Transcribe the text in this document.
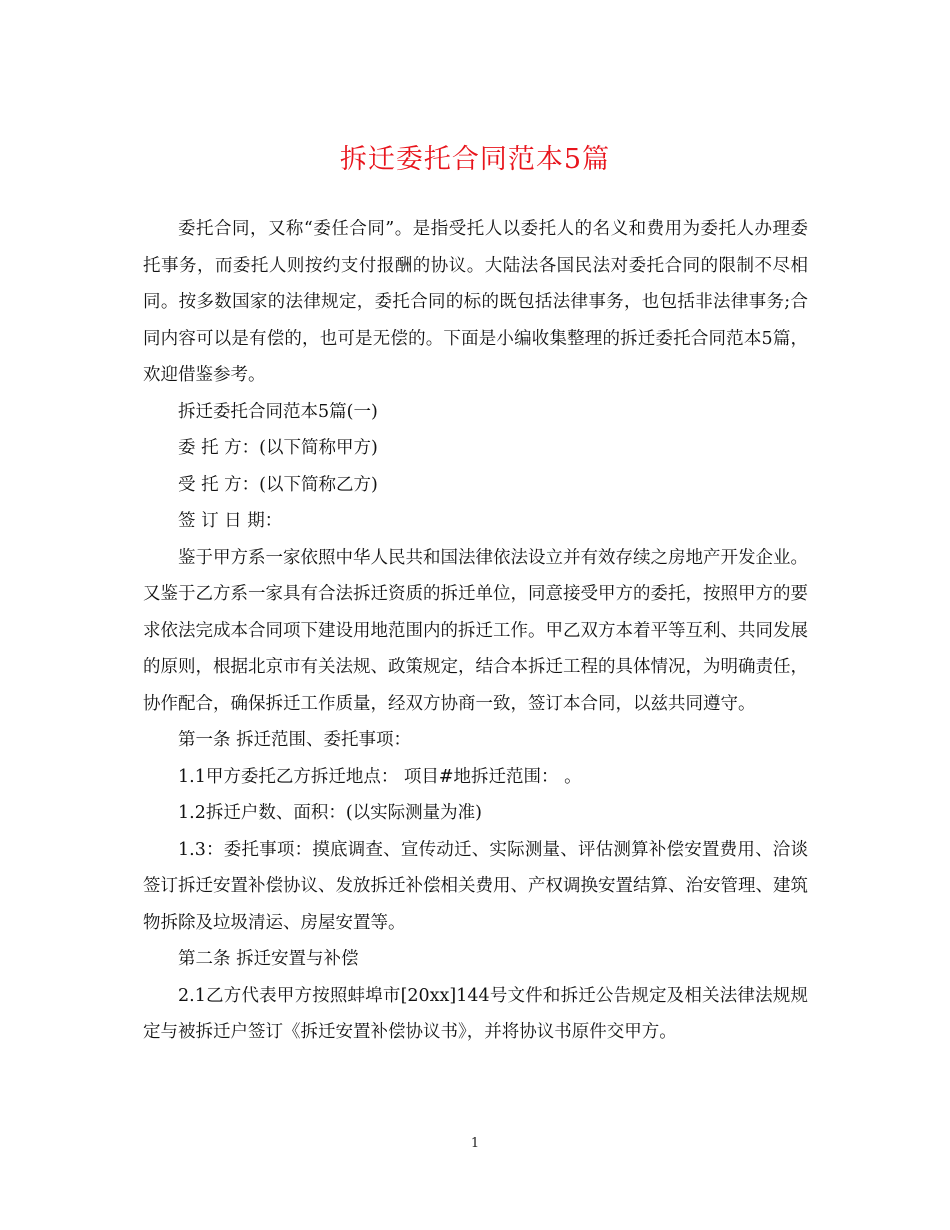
拆迁委托合同范本5篇

委托合同，又称“委任合同”。是指受托人以委托人的名义和费用为委托人办理委托事务，而委托人则按约支付报酬的协议。大陆法各国民法对委托合同的限制不尽相同。按多数国家的法律规定，委托合同的标的既包括法律事务，也包括非法律事务;合同内容可以是有偿的，也可是无偿的。下面是小编收集整理的拆迁委托合同范本5篇，欢迎借鉴参考。

拆迁委托合同范本5篇(一)

委 托 方：(以下简称甲方)

受 托 方：(以下简称乙方)

签 订 日 期：

鉴于甲方系一家依照中华人民共和国法律依法设立并有效存续之房地产开发企业。又鉴于乙方系一家具有合法拆迁资质的拆迁单位，同意接受甲方的委托，按照甲方的要求依法完成本合同项下建设用地范围内的拆迁工作。甲乙双方本着平等互利、共同发展的原则，根据北京市有关法规、政策规定，结合本拆迁工程的具体情况，为明确责任，协作配合，确保拆迁工作质量，经双方协商一致，签订本合同，以兹共同遵守。

第一条 拆迁范围、委托事项：

1.1甲方委托乙方拆迁地点： 项目#地拆迁范围： 。

1.2拆迁户数、面积：(以实际测量为准)

1.3：委托事项：摸底调查、宣传动迁、实际测量、评估测算补偿安置费用、洽谈签订拆迁安置补偿协议、发放拆迁补偿相关费用、产权调换安置结算、治安管理、建筑物拆除及垃圾清运、房屋安置等。

第二条 拆迁安置与补偿

2.1乙方代表甲方按照蚌埠市[20xx]144号文件和拆迁公告规定及相关法律法规规定与被拆迁户签订《拆迁安置补偿协议书》，并将协议书原件交甲方。

1
